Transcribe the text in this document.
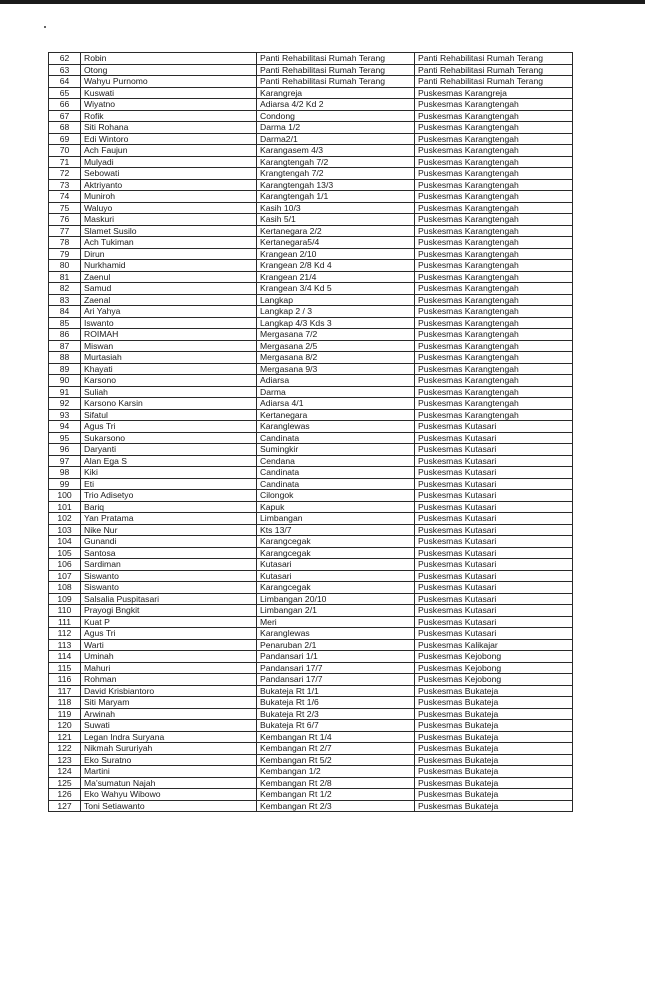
62	Robin	Panti Rehabilitasi Rumah Terang	Panti Rehabilitasi Rumah Terang
63	Otong	Panti Rehabilitasi Rumah Terang	Panti Rehabilitasi Rumah Terang
64	Wahyu Purnomo	Panti Rehabilitasi Rumah Terang	Panti Rehabilitasi Rumah Terang
65	Kuswati	Karangreja	Puskesmas Karangreja
66	Wiyatno	Adiarsa 4/2 Kd 2	Puskesmas Karangtengah
67	Rofik	Condong	Puskesmas Karangtengah
68	Siti Rohana	Darma 1/2	Puskesmas Karangtengah
69	Edi Wintoro	Darma2/1	Puskesmas Karangtengah
70	Ach Faujun	Karangasem 4/3	Puskesmas Karangtengah
71	Mulyadi	Karangtengah 7/2	Puskesmas Karangtengah
72	Sebowati	Krangtengah 7/2	Puskesmas Karangtengah
73	Aktriyanto	Karangtengah 13/3	Puskesmas Karangtengah
74	Muniroh	Karangtengah 1/1	Puskesmas Karangtengah
75	Waluyo	Kasih 10/3	Puskesmas Karangtengah
76	Maskuri	Kasih 5/1	Puskesmas Karangtengah
77	Slamet Susilo	Kertanegara 2/2	Puskesmas Karangtengah
78	Ach Tukiman	Kertanegara5/4	Puskesmas Karangtengah
79	Dirun	Krangean 2/10	Puskesmas Karangtengah
80	Nurkhamid	Krangean 2/8 Kd 4	Puskesmas Karangtengah
81	Zaenul	Krangean 21/4	Puskesmas Karangtengah
82	Samud	Krangean 3/4 Kd 5	Puskesmas Karangtengah
83	Zaenal	Langkap	Puskesmas Karangtengah
84	Ari Yahya	Langkap 2 / 3	Puskesmas Karangtengah
85	Iswanto	Langkap 4/3 Kds 3	Puskesmas Karangtengah
86	ROIMAH	Mergasana 7/2	Puskesmas Karangtengah
87	Miswan	Mergasana 2/5	Puskesmas Karangtengah
88	Murtasiah	Mergasana 8/2	Puskesmas Karangtengah
89	Khayati	Mergasana 9/3	Puskesmas Karangtengah
90	Karsono	Adiarsa	Puskesmas Karangtengah
91	Suliah	Darma	Puskesmas Karangtengah
92	Karsono Karsin	Adiarsa 4/1	Puskesmas Karangtengah
93	Sifatul	Kertanegara	Puskesmas Karangtengah
94	Agus Tri	Karanglewas	Puskesmas Kutasari
95	Sukarsono	Candinata	Puskesmas Kutasari
96	Daryanti	Sumingkir	Puskesmas Kutasari
97	Alan Ega S	Cendana	Puskesmas Kutasari
98	Kiki	Candinata	Puskesmas Kutasari
99	Eti	Candinata	Puskesmas Kutasari
100	Trio Adisetyo	Cilongok	Puskesmas Kutasari
101	Bariq	Kapuk	Puskesmas Kutasari
102	Yan Pratama	Limbangan	Puskesmas Kutasari
103	Nike Nur	Kts 13/7	Puskesmas Kutasari
104	Gunandi	Karangcegak	Puskesmas Kutasari
105	Santosa	Karangcegak	Puskesmas Kutasari
106	Sardiman	Kutasari	Puskesmas Kutasari
107	Siswanto	Kutasari	Puskesmas Kutasari
108	Siswanto	Karangcegak	Puskesmas Kutasari
109	Salsalia Puspitasari	Limbangan 20/10	Puskesmas Kutasari
110	Prayogi Bngkit	Limbangan 2/1	Puskesmas Kutasari
111	Kuat P	Meri	Puskesmas Kutasari
112	Agus Tri	Karanglewas	Puskesmas Kutasari
113	Warti	Penaruban 2/1	Puskesmas Kalikajar
114	Uminah	Pandansari 1/1	Puskesmas Kejobong
115	Mahuri	Pandansari 17/7	Puskesmas Kejobong
116	Rohman	Pandansari 17/7	Puskesmas Kejobong
117	David Krisbiantoro	Bukateja Rt 1/1	Puskesmas Bukateja
118	Siti Maryam	Bukateja Rt 1/6	Puskesmas Bukateja
119	Arwinah	Bukateja Rt 2/3	Puskesmas Bukateja
120	Suwati	Bukateja Rt 6/7	Puskesmas Bukateja
121	Legan Indra Suryana	Kembangan Rt 1/4	Puskesmas Bukateja
122	Nikmah Sururiyah	Kembangan Rt 2/7	Puskesmas Bukateja
123	Eko Suratno	Kembangan Rt 5/2	Puskesmas Bukateja
124	Martini	Kembangan 1/2	Puskesmas Bukateja
125	Ma'sumatun Najah	Kembangan Rt 2/8	Puskesmas Bukateja
126	Eko Wahyu Wibowo	Kembangan Rt 1/2	Puskesmas Bukateja
127	Toni Setiawanto	Kembangan Rt 2/3	Puskesmas Bukateja
